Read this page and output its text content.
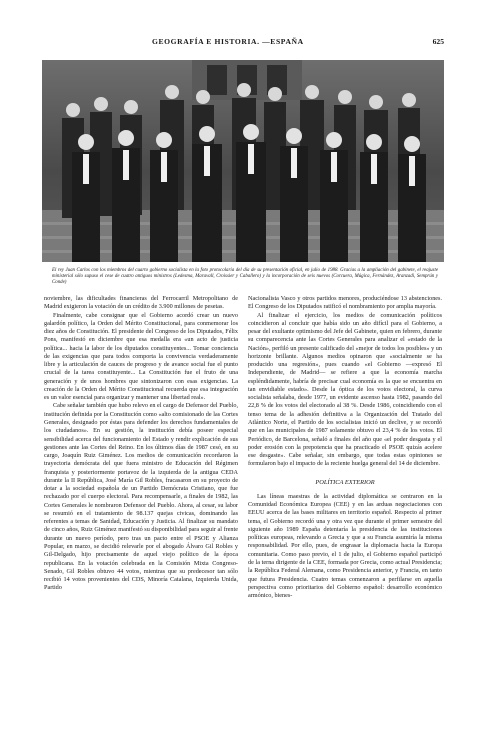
GEOGRAFÍA E HISTORIA. —ESPAÑA	625
El rey Juan Carlos con los miembros del cuarto gobierno socialista en la foto protocolaria del día de su presentación oficial, en julio de 1988. Gracias a la ampliación del gabinete, el reajuste ministerial sólo supuso el cese de cuatro antiguos ministros (Ledesma, Maravall, Croissier y Caballero) y la incorporación de seis nuevos (Corcuera, Múgica, Fernández, Aranzadi, Semprún y Conde)

noviembre, las dificultades financieras del Ferrocarril Metropolitano de Madrid exigieron la votación de un crédito de 3.900 millones de pesetas.

Finalmente, cabe consignar que el Gobierno acordó crear un nuevo galardón político, la Orden del Mérito Constitucional, para conmemorar los diez años de Constitución. El presidente del Congreso de los Diputados, Félix Pons, manifestó en diciembre que esa medalla era «un acto de justicia política... hacia la labor de los diputados constituyentes... Tomar conciencia de las exigencias que para todos comporta la convivencia verdaderamente libre y la articulación de cauces de progreso y de avance social fue el punto crucial de la tarea constituyente... La Constitución fue el fruto de una generación y de unos hombres que sintonizaron con esas exigencias. La creación de la Orden del Mérito Constitucional recuerda que esa integración es un valor esencial para organizar y mantener una libertad real».

Cabe señalar también que hubo relevo en el cargo de Defensor del Pueblo, institución definida por la Constitución como «alto comisionado de las Cortes Generales, designado por éstas para defender los derechos fundamentales de los ciudadanos». En su gestión, la institución debía poseer especial sensibilidad acerca del funcionamiento del Estado y rendir explicación de sus gestiones ante las Cortes del Reino. En los últimos días de 1987 cesó, en su cargo, Joaquín Ruiz Giménez. Los medios de comunicación recordaron la trayectoria demócrata del que fuera ministro de Educación del Régimen franquista y posteriormente portavoz de la izquierda de la antigua CEDA durante la II República, José María Gil Robles, fracasaron en su proyecto de dotar a la sociedad española de un Partido Demócrata Cristiano, que fue rechazado por el cuerpo electoral. Para recompensarle, a finales de 1982, las Cortes Generales le nombraron Defensor del Pueblo. Ahora, al cesar, su labor se resumió en el tratamiento de 98.137 quejas civicas, dominando las referentes a temas de Sanidad, Educación y Justicia. Al finalizar su mandato de cinco años, Ruiz Giménez manifestó su disponibilidad para seguir al frente durante un nuevo período, pero tras un pacto entre el PSOE y Alianza Popular, en marzo, se decidió relevarle por el abogado Álvaro Gil Robles y Gil-Delgado, hijo precisamente de aquel viejo político de la época republicana. En la votación celebrada en la Comisión Mixta Congreso-Senado, Gil Robles obtuvo 44 votos, mientras que su predecesor tan sólo recibió 14 votos provenientes del CDS, Minoría Catalana, Izquierda Unida, Partido

Nacionalista Vasco y otros partidos menores, produciéndose 13 abstenciones. El Congreso de los Diputados ratificó el nombramiento por amplia mayoría.

Al finalizar el ejercicio, los medios de comunicación políticos coincidieron al concluir que había sido un año difícil para el Gobierno, a pesar del exultante optimismo del Jefe del Gabinete, quien en febrero, durante su comparecencia ante las Cortes Generales para analizar el «estado de la Nación», perfiló un presente calificado del «mejor de todos los posibles» y un horizonte brillante. Algunos medios opinaron que «socialmente se ha producido una regresión», pues cuando «el Gobierno —expresó El Independiente, de Madrid— se refiere a que la economía marcha espléndidamente, habría de precisar cual economía es la que se encuentra en tan envidiable estado». Desde la óptica de los votos electoral, la curva socialista señalaba, desde 1977, un evidente ascenso hasta 1982, pasando del 22,8 % de los votos del electorado al 38 %. Desde 1986, coincidiendo con el tenso tema de la adhesión definitiva a la Organización del Tratado del Atlántico Norte, el Partido de los socialistas inició un declive, y se recordó que en las municipales de 1987 solamente obtuvo el 23,4 % de los votos. El Periódico, de Barcelona, señaló a finales del año que «el poder desgasta y el poder erosión con la prepotencia que ha practicado el PSOE quizás acelere ese desgaste». Cabe señalar, sin embargo, que todas estas opiniones se formularon bajo el impacto de la reciente huelga general del 14 de diciembre.

POLÍTICA EXTERIOR

Las líneas maestras de la actividad diplomática se centraron en la Comunidad Económica Europea (CEE) y en las arduas negociaciones con EEUU acerca de las bases militares en territorio español. Respecto al primer tema, el Gobierno recordó una y otra vez que durante el primer semestre del siguiente año 1989 España detentaría la presidencia de las instituciones políticas europeas, relevando a Grecia y que a su Francia asumiría la misma responsabilidad. Por ello, pues, de engrasar la diplomacia hacia la Europa comunitaria. Como paso previo, el 1 de julio, el Gobierno español participó de la terna dirigente de la CEE, formada por Grecia, como actual Presidencia; la República Federal Alemana, como Presidencia anterior, y Francia, en tanto que futura Presidencia. Cuatro temas comenzaron a perfilarse en aquella perspectiva como prioritarios del Gobierno español: desarrollo económico armónico, bienes-
